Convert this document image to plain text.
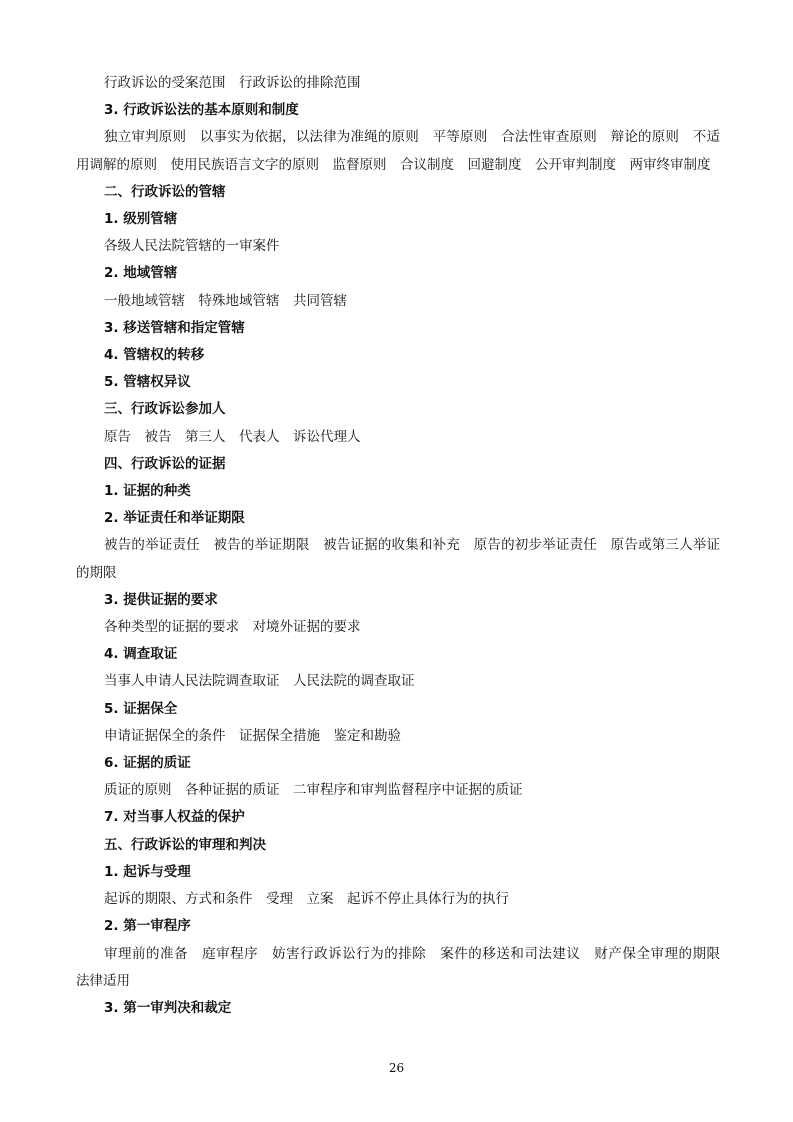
行政诉讼的受案范围　行政诉讼的排除范围

3. 行政诉讼法的基本原则和制度

独立审判原则　以事实为依据，以法律为准绳的原则　平等原则　合法性审查原则　辩论的原则　不适用调解的原则　使用民族语言文字的原则　监督原则　合议制度　回避制度　公开审判制度　两审终审制度

二、行政诉讼的管辖

1. 级别管辖

各级人民法院管辖的一审案件

2. 地域管辖

一般地域管辖　特殊地域管辖　共同管辖

3. 移送管辖和指定管辖

4. 管辖权的转移

5. 管辖权异议

三、行政诉讼参加人

原告　被告　第三人　代表人　诉讼代理人

四、行政诉讼的证据

1. 证据的种类

2. 举证责任和举证期限

被告的举证责任　被告的举证期限　被告证据的收集和补充　原告的初步举证责任　原告或第三人举证的期限

3. 提供证据的要求

各种类型的证据的要求　对境外证据的要求

4. 调查取证

当事人申请人民法院调查取证　人民法院的调查取证

5. 证据保全

申请证据保全的条件　证据保全措施　鉴定和勘验

6. 证据的质证

质证的原则　各种证据的质证　二审程序和审判监督程序中证据的质证

7. 对当事人权益的保护

五、行政诉讼的审理和判决

1. 起诉与受理

起诉的期限、方式和条件　受理　立案　起诉不停止具体行为的执行

2. 第一审程序

审理前的准备　庭审程序　妨害行政诉讼行为的排除　案件的移送和司法建议　财产保全审理的期限　法律适用

3. 第一审判决和裁定

26
